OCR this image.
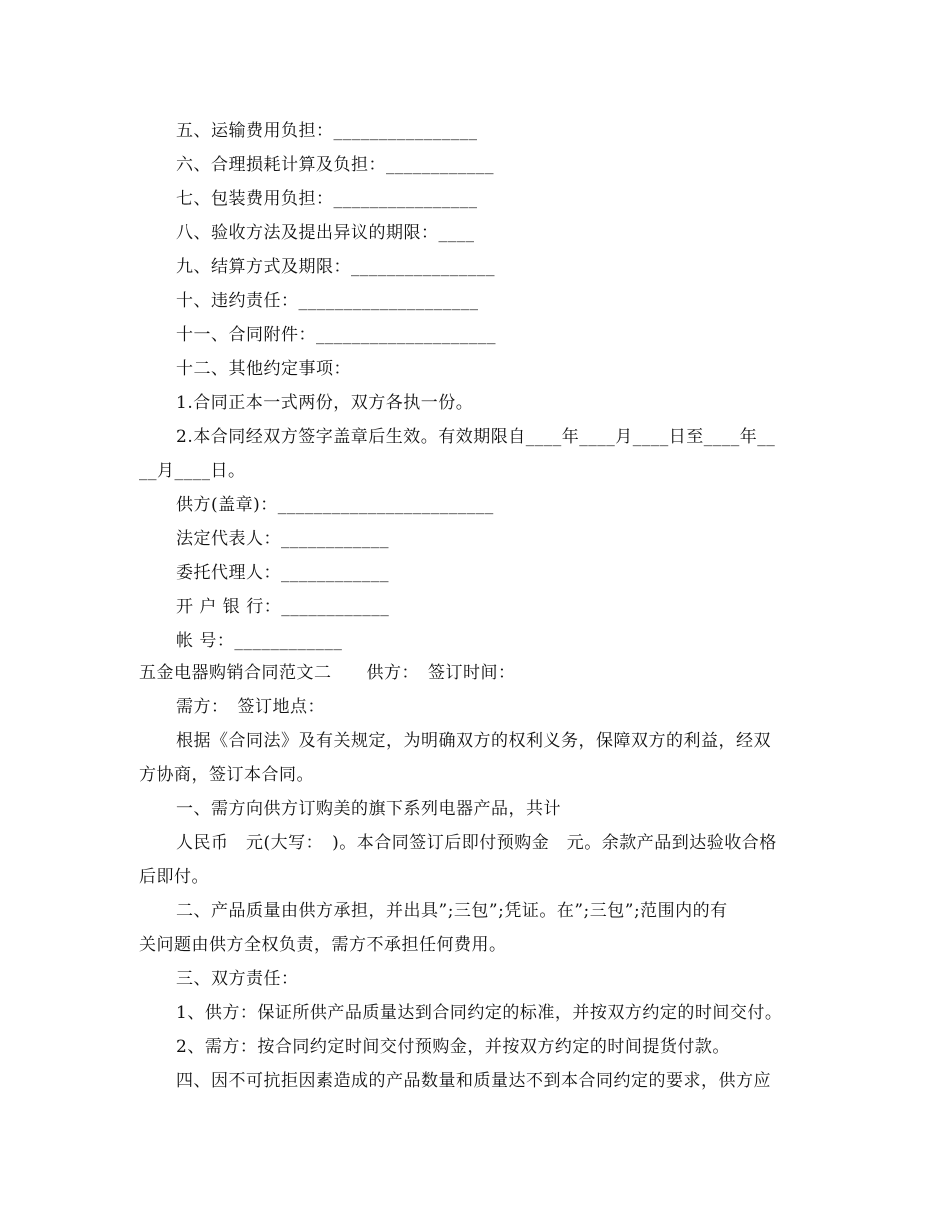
五、运输费用负担：________________
六、合理损耗计算及负担：____________
七、包装费用负担：________________
八、验收方法及提出异议的期限：____
九、结算方式及期限：________________
十、违约责任：____________________
十一、合同附件：____________________
十二、其他约定事项：
1.合同正本一式两份，双方各执一份。
2.本合同经双方签字盖章后生效。有效期限自____年____月____日至____年__
__月____日。
供方(盖章)：________________________
法定代表人：____________
委托代理人：____________
开 户 银 行：____________
帐 号：____________
五金电器购销合同范文二　　供方：　签订时间：
需方：　签订地点：
根据《合同法》及有关规定，为明确双方的权利义务，保障双方的利益，经双
方协商，签订本合同。
一、需方向供方订购美的旗下系列电器产品，共计
人民币　元(大写：　)。本合同签订后即付预购金　元。余款产品到达验收合格
后即付。
二、产品质量由供方承担，并出具”;三包”;凭证。在”;三包”;范围内的有
关问题由供方全权负责，需方不承担任何费用。
三、双方责任：
1、供方：保证所供产品质量达到合同约定的标准，并按双方约定的时间交付。
2、需方：按合同约定时间交付预购金，并按双方约定的时间提货付款。
四、因不可抗拒因素造成的产品数量和质量达不到本合同约定的要求，供方应
